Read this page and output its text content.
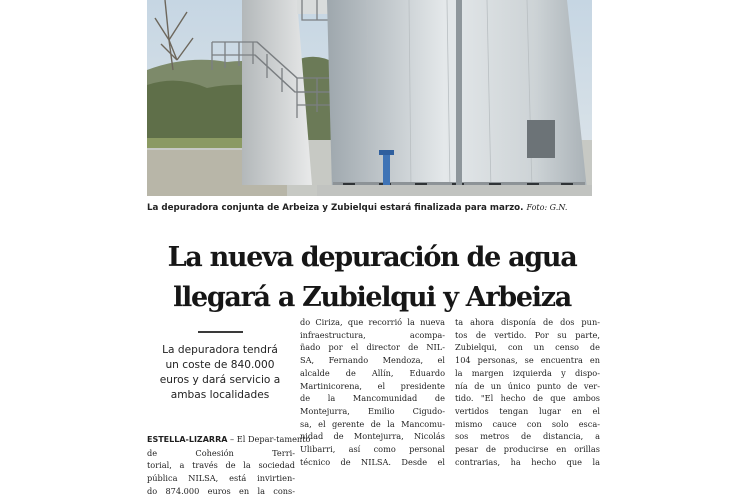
La depuradora conjunta de Arbeiza y Zubielqui estará finalizada para marzo. Foto: G.N.
La nueva depuración de agua
llegará a Zubielqui y Arbeiza

La depuradora tendrá
un coste de 840.000
euros y dará servicio a
ambas localidades

ESTELLA-LIZARRA – El Depar-tamento
de Cohesión Terri-
torial, a través de la sociedad
pública NILSA, está invirtien-
do 874.000 euros en la cons-
do Ciriza, que recorrió la nueva
infraestructura, acompa-
ñado por el director de NIL-
SA, Fernando Mendoza, el
alcalde de Allín, Eduardo
Martinicorena, el presidente
de la Mancomunidad de
Montejurra, Emilio Cigudo-
sa, el gerente de la Mancomu-
nidad de Montejurra, Nicolás
Ulibarri, así como personal
técnico de NILSA. Desde el
ta ahora disponía de dos pun-
tos de vertido. Por su parte,
Zubielqui, con un censo de
104 personas, se encuentra en
la margen izquierda y dispo-
nía de un único punto de ver-
tido. "El hecho de que ambos
vertidos tengan lugar en el
mismo cauce con solo esca-
sos metros de distancia, a
pesar de producirse en orillas
contrarias, ha hecho que la
